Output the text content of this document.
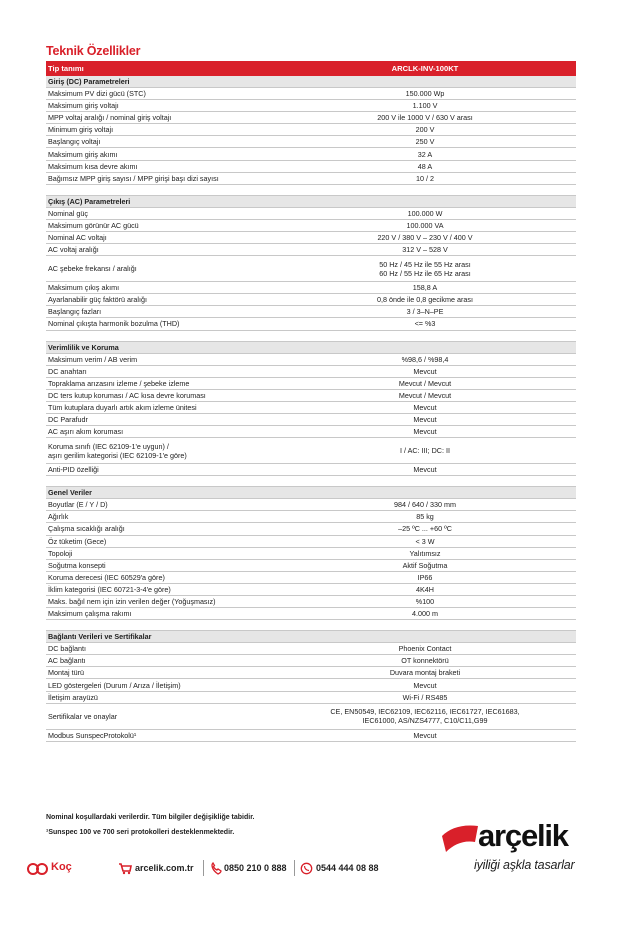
Teknik Özellikler
Tip tanımı	ARCLK-INV-100KT
Giriş (DC) Parametreleri	
Maksimum PV dizi gücü (STC)	150.000 Wp
Maksimum giriş voltajı	1.100 V
MPP voltaj aralığı / nominal giriş voltajı	200 V ile 1000 V / 630 V arası
Minimum giriş voltajı	200 V
Başlangıç voltajı	250 V
Maksimum giriş akımı	32 A
Maksimum kısa devre akımı	48 A
Bağımsız MPP giriş sayısı / MPP girişi başı dizi sayısı	10 / 2

Çıkış (AC) Parametreleri	
Nominal güç	100.000 W
Maksimum görünür AC gücü	100.000 VA
Nominal AC voltajı	220 V / 380 V – 230 V / 400 V
AC voltaj aralığı	312 V – 528 V
AC şebeke frekansı / aralığı	50 Hz / 45 Hz ile 55 Hz arası
60 Hz / 55 Hz ile 65 Hz arası

Maksimum çıkış akımı	158,8 A
Ayarlanabilir güç faktörü aralığı	0,8 önde ile 0,8 gecikme arası
Başlangıç fazları	3 / 3–N–PE
Nominal çıkışta harmonik bozulma (THD)	<= %3

Verimlilik ve Koruma	
Maksimum verim / AB verim	%98,6 / %98,4
DC anahtarı	Mevcut
Topraklama arızasını izleme / şebeke izleme	Mevcut / Mevcut
DC ters kutup koruması / AC kısa devre koruması	Mevcut / Mevcut
Tüm kutuplara duyarlı artık akım izleme ünitesi	Mevcut
DC Parafudr	Mevcut
AC aşırı akım koruması	Mevcut

Koruma sınıfı (IEC 62109-1'e uygun) /
aşırı gerilim kategorisi (IEC 62109-1'e göre)	I / AC: III; DC: II
Anti-PID özelliği	Mevcut

Genel Veriler	
Boyutlar (E / Y / D)	984 / 640 / 330 mm
Ağırlık	85 kg
Çalışma sıcaklığı aralığı	–25 ºC ... +60 ºC
Öz tüketim (Gece)	< 3 W
Topoloji	Yalıtımsız
Soğutma konsepti	Aktif Soğutma
Koruma derecesi (IEC 60529'a göre)	IP66
İklim kategorisi (IEC 60721-3-4'e göre)	4K4H
Maks. bağıl nem için izin verilen değer (Yoğuşmasız)	%100
Maksimum çalışma rakımı	4.000 m

Bağlantı Verileri ve Sertifikalar	
DC bağlantı	Phoenix Contact
AC bağlantı	OT konnektörü
Montaj türü	Duvara montaj braketi
LED göstergeleri (Durum / Arıza / İletişim)	Mevcut
İletişim arayüzü	Wi-Fi / RS485
Sertifikalar ve onaylar	CE, EN50549, IEC62109, IEC62116, IEC61727, IEC61683,
IEC61000, AS/NZS4777, C10/C11,G99

Modbus SunspecProtokolü¹	Mevcut
Nominal koşullardaki verilerdir. Tüm bilgiler değişikliğe tabidir.
¹Sunspec 100 ve 700 seri protokolleri desteklenmektedir.	arçelik
iyiliği aşkla tasarlar
Koç	arcelik.com.tr	0850 210 0 888	0544 444 08 88
